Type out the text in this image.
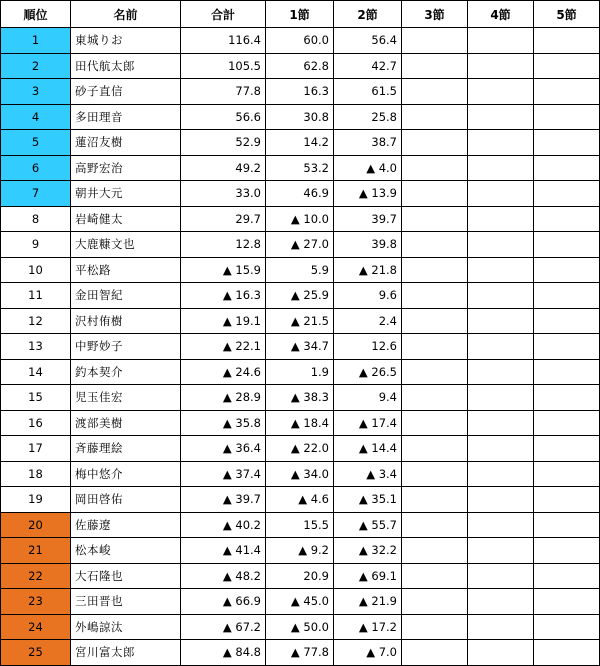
順位	名前	合計	1節	2節	3節	4節	5節
1	東城りお	116.4	60.0	56.4			
2	田代航太郎	105.5	62.8	42.7			
3	砂子直信	77.8	16.3	61.5			
4	多田理音	56.6	30.8	25.8			
5	蓮沼友樹	52.9	14.2	38.7			
6	高野宏治	49.2	53.2	▲ 4.0			
7	朝井大元	33.0	46.9	▲ 13.9			
8	岩崎健太	29.7	▲ 10.0	39.7			
9	大鹿糠文也	12.8	▲ 27.0	39.8			
10	平松路	▲ 15.9	5.9	▲ 21.8			
11	金田智紀	▲ 16.3	▲ 25.9	9.6			
12	沢村侑樹	▲ 19.1	▲ 21.5	2.4			
13	中野妙子	▲ 22.1	▲ 34.7	12.6			
14	釣本契介	▲ 24.6	1.9	▲ 26.5			
15	児玉佳宏	▲ 28.9	▲ 38.3	9.4			
16	渡部美樹	▲ 35.8	▲ 18.4	▲ 17.4			
17	斉藤理絵	▲ 36.4	▲ 22.0	▲ 14.4			
18	梅中悠介	▲ 37.4	▲ 34.0	▲ 3.4			
19	岡田啓佑	▲ 39.7	▲ 4.6	▲ 35.1			
20	佐藤遼	▲ 40.2	15.5	▲ 55.7			
21	松本峻	▲ 41.4	▲ 9.2	▲ 32.2			
22	大石隆也	▲ 48.2	20.9	▲ 69.1			
23	三田晋也	▲ 66.9	▲ 45.0	▲ 21.9			
24	外嶋諒汰	▲ 67.2	▲ 50.0	▲ 17.2			
25	宮川富太郎	▲ 84.8	▲ 77.8	▲ 7.0			
